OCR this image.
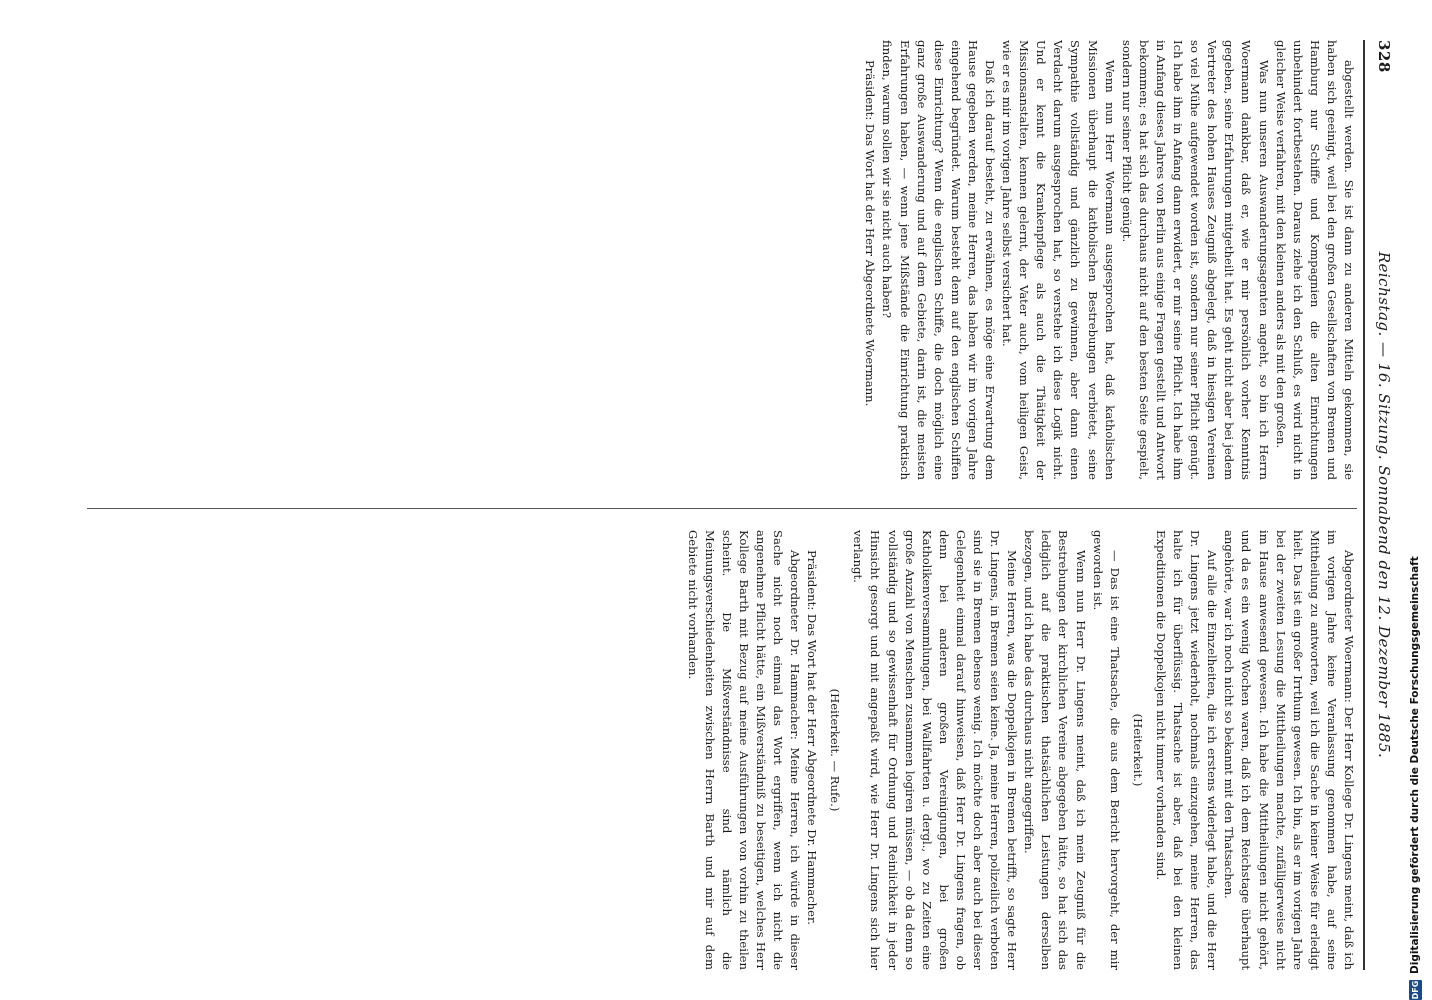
328
Reichstag. — 16. Sitzung. Sonnabend den 12. Dezember 1885.

abgestellt werden. Sie ist dann zu anderen Mitteln gekommen, sie haben sich geeinigt, weil bei den großen Gesellschaften von Bremen und Hamburg nur Schiffe und Kompagnien die alten Einrichtungen unbehindert fortbestehen. Daraus ziehe ich den Schluß, es wird nicht in gleicher Weise verfahren, mit den kleinen anders als mit den großen.

Was nun unseren Auswanderungsagenten angeht, so bin ich Herrn Woermann dankbar, daß er, wie er mir persönlich vorher Kenntnis gegeben, seine Erfahrungen mitgetheilt hat. Es geht nicht aber bei jedem Vertreter des hohen Hauses Zeugniß abgelegt, daß in hiesigen Vereinen so viel Mühe aufgewendet worden ist, sondern nur seiner Pflicht genügt. Ich habe ihm in Anfang dann erwidert, er mir seine Pflicht. Ich habe ihm in Anfang dieses Jahres von Berlin aus einige Fragen gestellt und Antwort bekommen; es hat sich das durchaus nicht auf den besten Seite gespielt, sondern nur seiner Pflicht genügt.

Wenn nun Herr Woermann ausgesprochen hat, daß katholischen Missionen überhaupt die katholischen Bestrebungen verbietet, seine Sympathie vollständig und gänzlich zu gewinnen, aber dann einen Verdacht darum ausgesprochen hat, so verstehe ich diese Logik nicht. Und er kennt die Krankenpflege als auch die Thätigkeit der Missionsanstalten, kennen gelernt, der Vater auch, vom heiligen Geist, wie er es mir im vorigen Jahre selbst versichert hat.

Daß ich darauf besteht, zu erwähnen, es möge eine Erwartung dem Hause gegeben werden, meine Herren, das haben wir im vorigen Jahre eingehend begründet. Warum besteht denn auf den englischen Schiffen diese Einrichtung? Wenn die englischen Schiffe, die doch möglich eine ganz große Auswanderung und auf dem Gebiete, darin ist, die meisten Erfahrungen haben, — wenn jene Mißstände die Einrichtung praktisch finden, warum sollen wir sie nicht auch haben?

Präsident: Das Wort hat der Herr Abgeordnete Woermann.

Abgeordneter Woermann: Der Herr Kollege Dr. Lingens meint, daß ich im vorigen Jahre keine Veranlassung genommen habe, auf seine Mittheilung zu antworten, weil ich die Sache in keiner Weise für erledigt hielt. Das ist ein großer Irrthum gewesen. Ich bin, als er im vorigen Jahre bei der zweiten Lesung die Mittheilungen machte, zufälligerweise nicht im Hause anwesend gewesen. Ich habe die Mittheilungen nicht gehört, und da es ein wenig Wochen waren, daß ich dem Reichstage überhaupt angehörte, war ich noch nicht so bekannt mit den Thatsachen.

Auf alle die Einzelheiten, die ich erstens widerlegt habe, und die Herr Dr. Lingens jetzt wiederholt, nochmals einzugehen, meine Herren, das halte ich für überflüssig. Thatsache ist aber, daß bei den kleinen Expeditionen die Doppelkojen nicht immer vorhanden sind.

(Heiterkeit.)

— Das ist eine Thatsache, die aus dem Bericht hervorgeht, der mir geworden ist.

Wenn nun Herr Dr. Lingens meint, daß ich mein Zeugniß für die Bestrebungen der kirchlichen Vereine abgegeben hätte, so hat sich das lediglich auf die praktischen thatsächlichen Leistungen derselben bezogen, und ich habe das durchaus nicht angegriffen.

Meine Herren, was die Doppelkojen in Bremen betrifft, so sagte Herr Dr. Lingens, in Bremen seien keine. Ja, meine Herren, polizeilich verboten sind sie in Bremen ebenso wenig. Ich möchte doch aber auch bei dieser Gelegenheit einmal darauf hinweisen, daß Herr Dr. Lingens fragen, ob denn bei anderen großen Vereinigungen, bei großen Katholikenversammlungen, bei Wallfahrten u. dergl., wo zu Zeiten eine große Anzahl von Menschen zusammen logiren müssen, — ob da denn so vollständig und so gewissenhaft für Ordnung und Reinlichkeit in jeder Hinsicht gesorgt und mit angepaßt wird, wie Herr Dr. Lingens sich hier verlangt.

(Heiterkeit. — Rufe.)

Präsident: Das Wort hat der Herr Abgeordnete Dr. Hammacher.

Abgeordneter Dr. Hammacher: Meine Herren, ich würde in dieser Sache nicht noch einmal das Wort ergriffen, wenn ich nicht die angenehme Pflicht hätte, ein Mißverständniß zu beseitigen, welches Herr Kollege Barth mit Bezug auf meine Ausführungen von vorhin zu theilen scheint. Die Mißverständnisse sind nämlich die Meinungsverschiedenheiten zwischen Herrn Barth und mir auf dem Gebiete nicht vorhanden.

DFG
Digitalisierung gefördert durch die Deutsche Forschungsgemeinschaft
